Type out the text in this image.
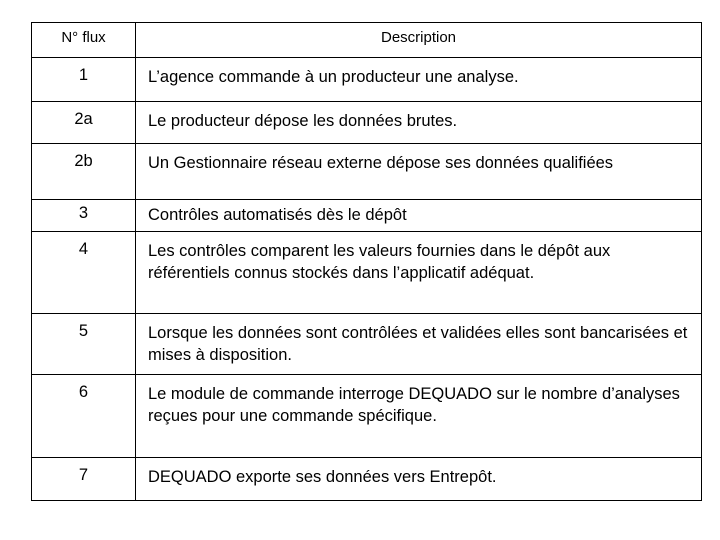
N° flux	Description

1	L’agence commande à un producteur une analyse.

2a	Le producteur dépose les données brutes.

2b	Un Gestionnaire réseau externe dépose ses données qualifiées

3	Contrôles automatisés dès le dépôt

4	Les contrôles comparent les valeurs fournies dans le dépôt aux référentiels connus stockés dans l’applicatif adéquat.

5	Lorsque les données sont contrôlées et validées elles sont bancarisées et mises à disposition.

6	Le module de commande interroge DEQUADO sur le nombre d’analyses reçues pour une commande spécifique.

7	DEQUADO exporte ses données vers Entrepôt.
